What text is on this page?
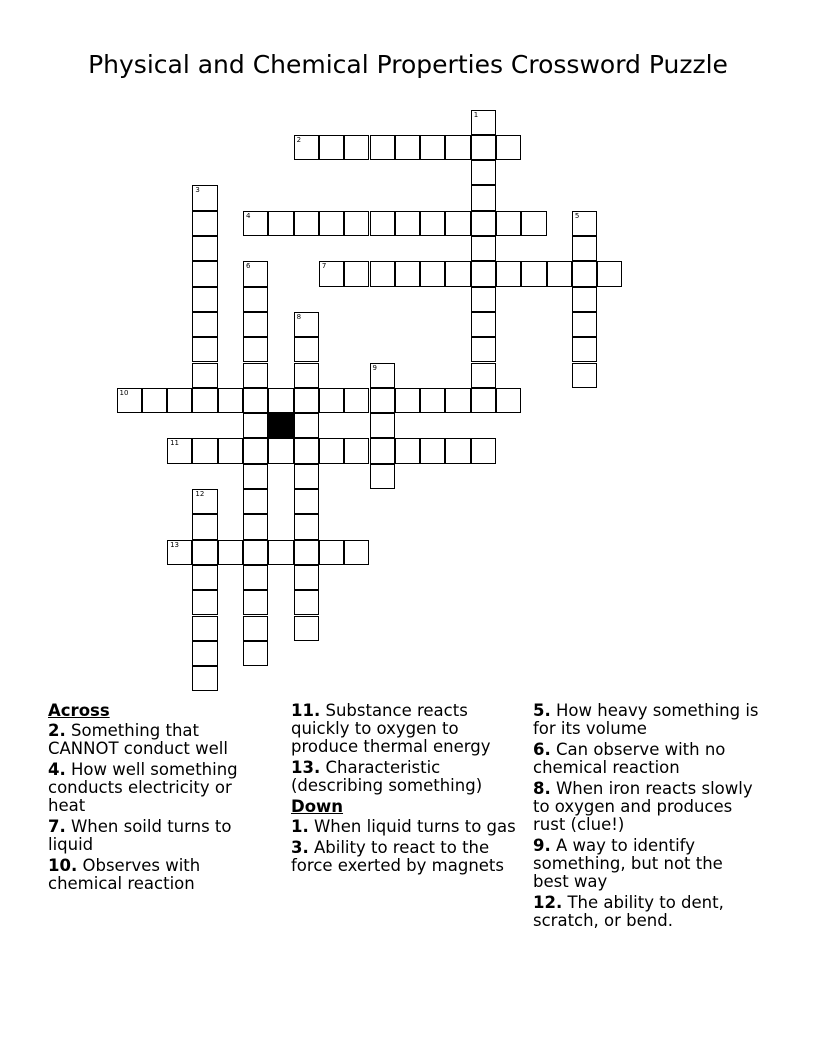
Physical and Chemical Properties Crossword Puzzle
1
2
3
4	5
6	7
8
9
10
11
12
13
Across
2. Something that CANNOT conduct well
4. How well something conducts electricity or heat
7. When soild turns to liquid
10. Observes with chemical reaction
11. Substance reacts quickly to oxygen to produce thermal energy
13. Characteristic (describing something)
Down
1. When liquid turns to gas
3. Ability to react to the force exerted by magnets
5. How heavy something is for its volume
6. Can observe with no chemical reaction
8. When iron reacts slowly to oxygen and produces rust (clue!)
9. A way to identify something, but not the best way
12. The ability to dent, scratch, or bend.
